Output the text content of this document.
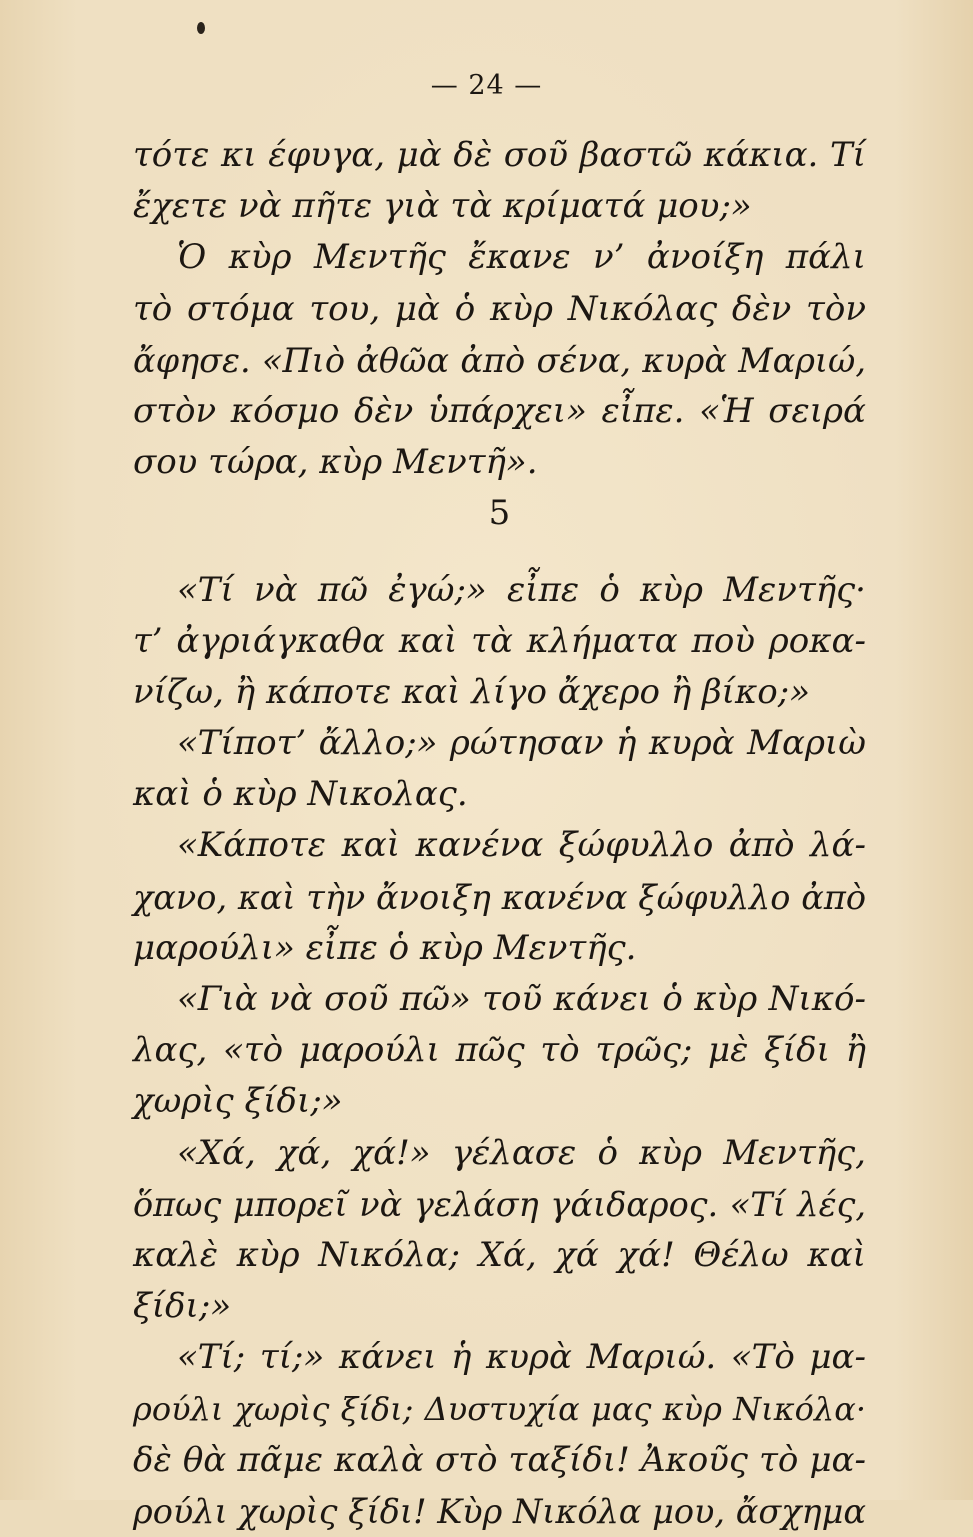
— 24 —
τότε κι έφυγα, μὰ δὲ σοῦ βαστῶ κάκια. Τί
ἔχετε νὰ πῆτε γιὰ τὰ κρίματά μου;»
Ὁ κὺρ Μεντῆς ἔκανε ν’ ἀνοίξη πάλι
τὸ στόμα του, μὰ ὁ κὺρ Νικόλας δὲν τὸν
ἄφησε. «Πιὸ ἀθῶα ἀπὸ σένα, κυρὰ Μαριώ,
στὸν κόσμο δὲν ὑπάρχει» εἶπε. «Ἡ σειρά
σου τώρα, κὺρ Μεντῆ».
5
«Τί νὰ πῶ ἐγώ;» εἶπε ὁ κὺρ Μεντῆς·
τ’ ἀγριάγκαθα καὶ τὰ κλήματα ποὺ ροκα-
νίζω, ἢ κάποτε καὶ λίγο ἄχερο ἢ βίκο;»
«Τίποτ’ ἄλλο;» ρώτησαν ἡ κυρὰ Μαριὼ
καὶ ὁ κὺρ Νικολας.
«Κάποτε καὶ κανένα ξώφυλλο ἀπὸ λά-
χανο, καὶ τὴν ἄνοιξη κανένα ξώφυλλο ἀπὸ
μαρούλι» εἶπε ὁ κὺρ Μεντῆς.
«Γιὰ νὰ σοῦ πῶ» τοῦ κάνει ὁ κὺρ Νικό-
λας, «τὸ μαρούλι πῶς τὸ τρῶς; μὲ ξίδι ἢ
χωρὶς ξίδι;»
«Χά, χά, χά!» γέλασε ὁ κὺρ Μεντῆς,
ὅπως μπορεῖ νὰ γελάση γάιδαρος. «Τί λές,
καλὲ κὺρ Νικόλα; Χά, χά χά! Θέλω καὶ
ξίδι;»
«Τί; τί;» κάνει ἡ κυρὰ Μαριώ. «Τὸ μα-
ρούλι χωρὶς ξίδι; Δυστυχία μας κὺρ Νικόλα·
δὲ θὰ πᾶμε καλὰ στὸ ταξίδι! Ἀκοῦς τὸ μα-
ρούλι χωρὶς ξίδι! Κὺρ Νικόλα μου, ἄσχημα
